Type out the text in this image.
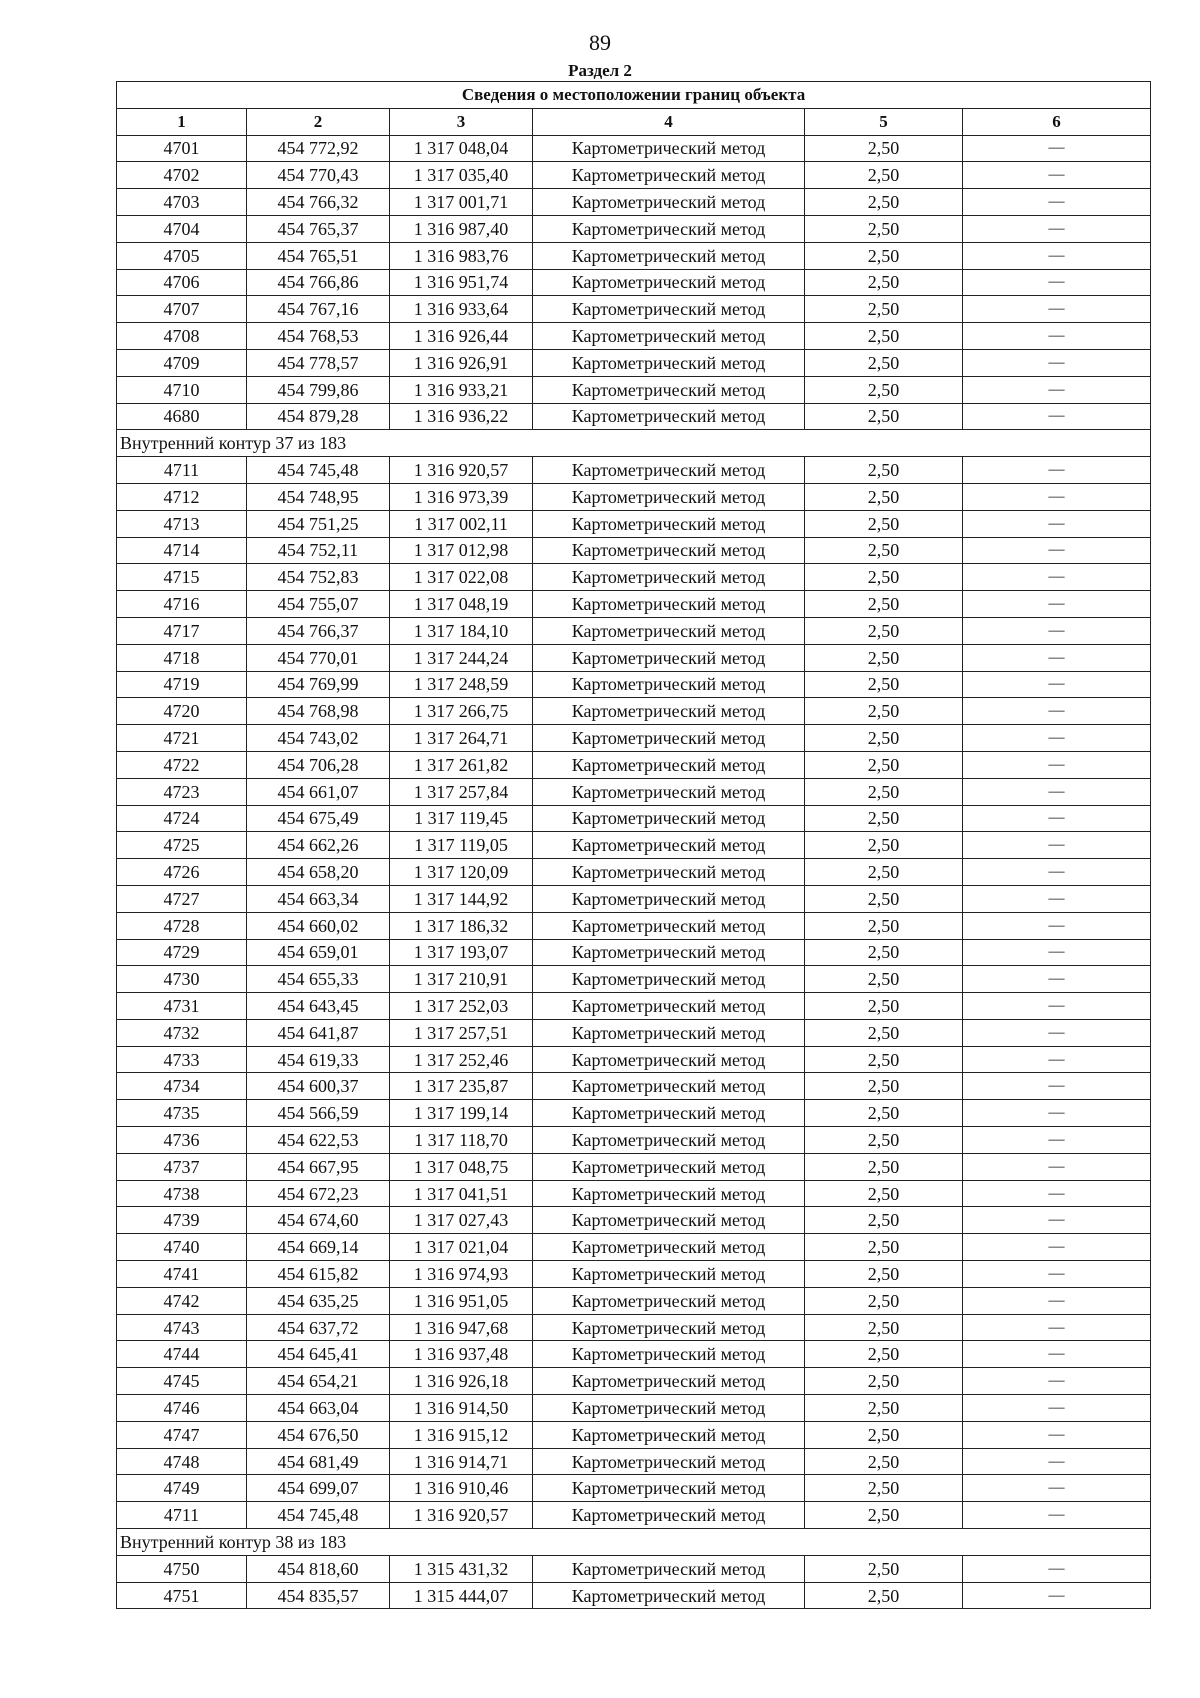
89
Раздел 2
Сведения о местоположении границ объекта					
1	2	3	4	5	6
4701	454 772,92	1 317 048,04	Картометрический метод	2,50	—
4702	454 770,43	1 317 035,40	Картометрический метод	2,50	—
4703	454 766,32	1 317 001,71	Картометрический метод	2,50	—
4704	454 765,37	1 316 987,40	Картометрический метод	2,50	—
4705	454 765,51	1 316 983,76	Картометрический метод	2,50	—
4706	454 766,86	1 316 951,74	Картометрический метод	2,50	—
4707	454 767,16	1 316 933,64	Картометрический метод	2,50	—
4708	454 768,53	1 316 926,44	Картометрический метод	2,50	—
4709	454 778,57	1 316 926,91	Картометрический метод	2,50	—
4710	454 799,86	1 316 933,21	Картометрический метод	2,50	—
4680	454 879,28	1 316 936,22	Картометрический метод	2,50	—
Внутренний контур 37 из 183					
4711	454 745,48	1 316 920,57	Картометрический метод	2,50	—
4712	454 748,95	1 316 973,39	Картометрический метод	2,50	—
4713	454 751,25	1 317 002,11	Картометрический метод	2,50	—
4714	454 752,11	1 317 012,98	Картометрический метод	2,50	—
4715	454 752,83	1 317 022,08	Картометрический метод	2,50	—
4716	454 755,07	1 317 048,19	Картометрический метод	2,50	—
4717	454 766,37	1 317 184,10	Картометрический метод	2,50	—
4718	454 770,01	1 317 244,24	Картометрический метод	2,50	—
4719	454 769,99	1 317 248,59	Картометрический метод	2,50	—
4720	454 768,98	1 317 266,75	Картометрический метод	2,50	—
4721	454 743,02	1 317 264,71	Картометрический метод	2,50	—
4722	454 706,28	1 317 261,82	Картометрический метод	2,50	—
4723	454 661,07	1 317 257,84	Картометрический метод	2,50	—
4724	454 675,49	1 317 119,45	Картометрический метод	2,50	—
4725	454 662,26	1 317 119,05	Картометрический метод	2,50	—
4726	454 658,20	1 317 120,09	Картометрический метод	2,50	—
4727	454 663,34	1 317 144,92	Картометрический метод	2,50	—
4728	454 660,02	1 317 186,32	Картометрический метод	2,50	—
4729	454 659,01	1 317 193,07	Картометрический метод	2,50	—
4730	454 655,33	1 317 210,91	Картометрический метод	2,50	—
4731	454 643,45	1 317 252,03	Картометрический метод	2,50	—
4732	454 641,87	1 317 257,51	Картометрический метод	2,50	—
4733	454 619,33	1 317 252,46	Картометрический метод	2,50	—
4734	454 600,37	1 317 235,87	Картометрический метод	2,50	—
4735	454 566,59	1 317 199,14	Картометрический метод	2,50	—
4736	454 622,53	1 317 118,70	Картометрический метод	2,50	—
4737	454 667,95	1 317 048,75	Картометрический метод	2,50	—
4738	454 672,23	1 317 041,51	Картометрический метод	2,50	—
4739	454 674,60	1 317 027,43	Картометрический метод	2,50	—
4740	454 669,14	1 317 021,04	Картометрический метод	2,50	—
4741	454 615,82	1 316 974,93	Картометрический метод	2,50	—
4742	454 635,25	1 316 951,05	Картометрический метод	2,50	—
4743	454 637,72	1 316 947,68	Картометрический метод	2,50	—
4744	454 645,41	1 316 937,48	Картометрический метод	2,50	—
4745	454 654,21	1 316 926,18	Картометрический метод	2,50	—
4746	454 663,04	1 316 914,50	Картометрический метод	2,50	—
4747	454 676,50	1 316 915,12	Картометрический метод	2,50	—
4748	454 681,49	1 316 914,71	Картометрический метод	2,50	—
4749	454 699,07	1 316 910,46	Картометрический метод	2,50	—
4711	454 745,48	1 316 920,57	Картометрический метод	2,50	—
Внутренний контур 38 из 183					
4750	454 818,60	1 315 431,32	Картометрический метод	2,50	—
4751	454 835,57	1 315 444,07	Картометрический метод	2,50	—
